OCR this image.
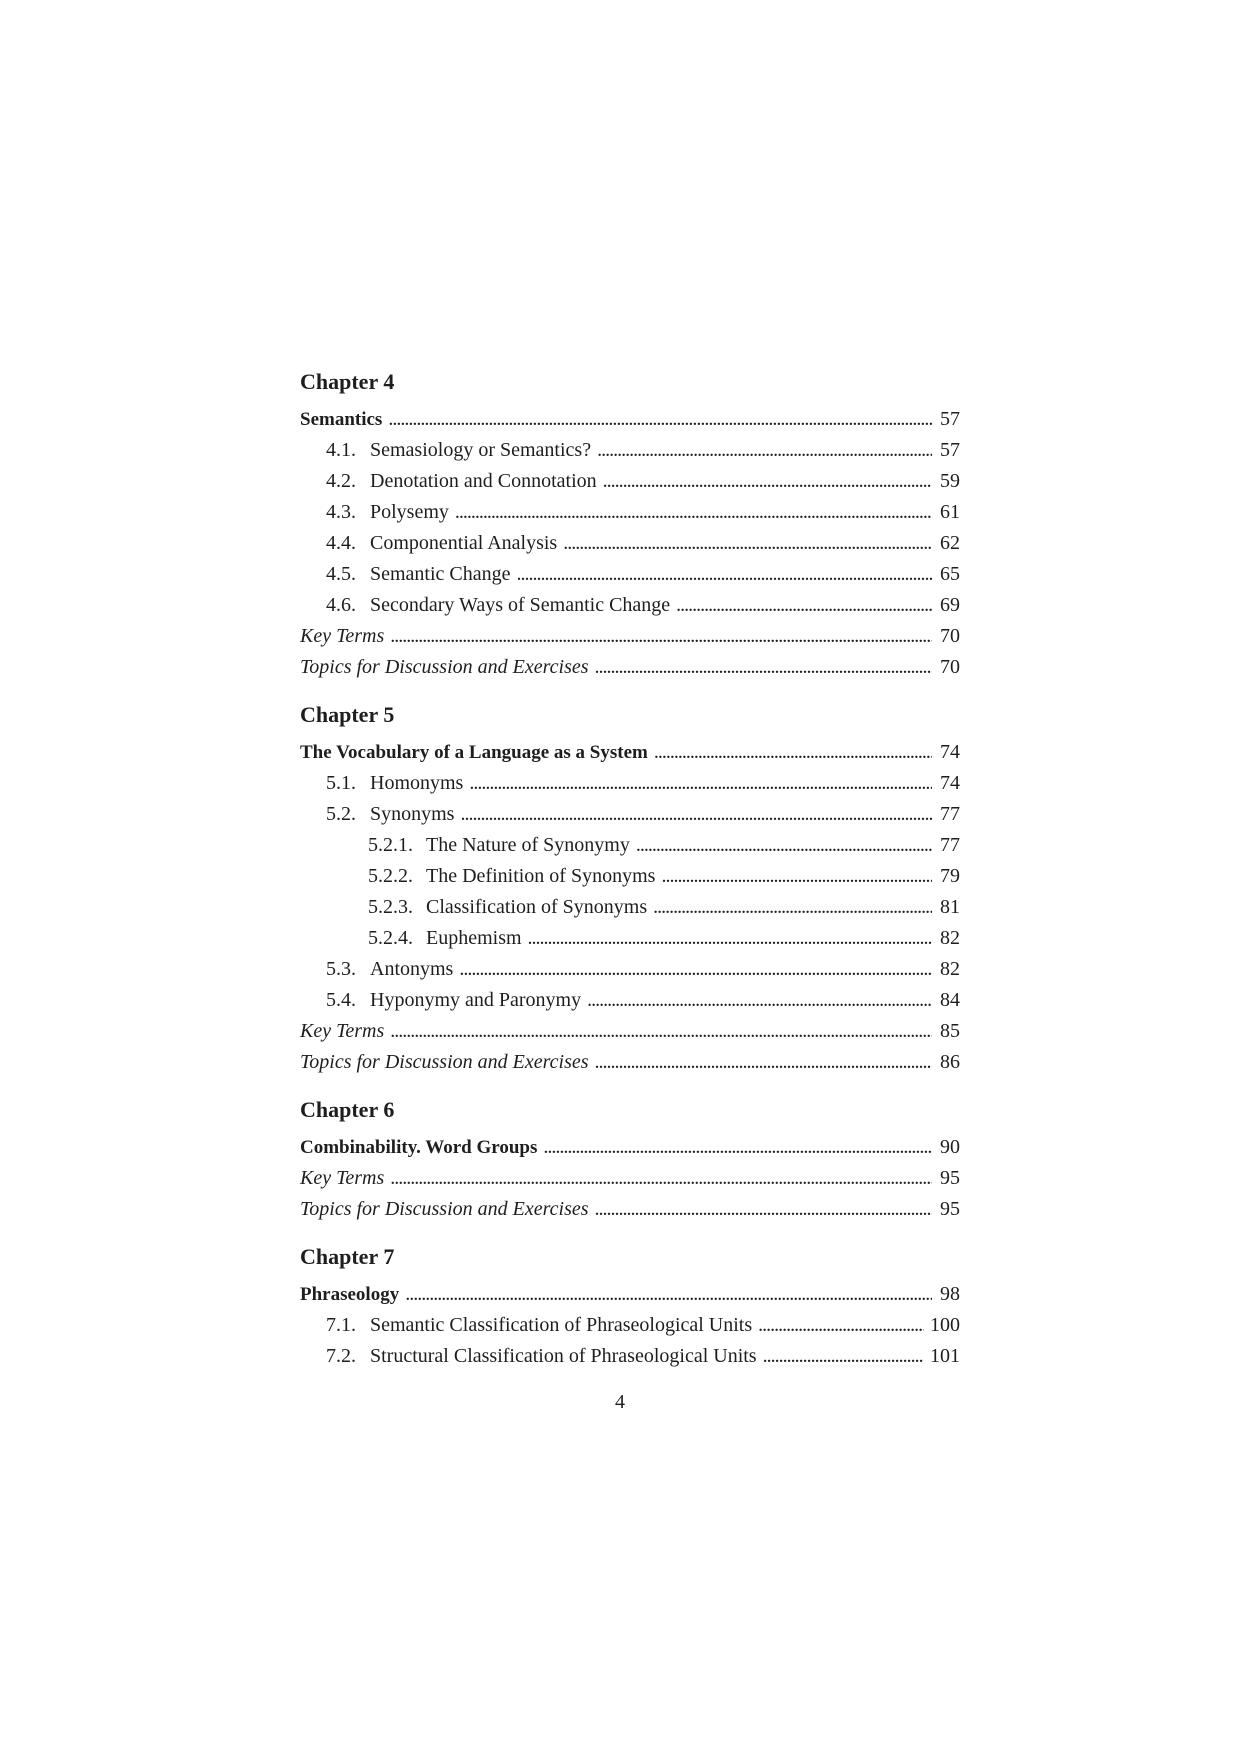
Chapter 4
Semantics . . .	57
4.1. Semasiology or Semantics? . . .	57
4.2. Denotation and Connotation . . .	59
4.3. Polysemy . . .	61
4.4. Componential Analysis . . .	62
4.5. Semantic Change . . .	65
4.6. Secondary Ways of Semantic Change . . .	69
Key Terms . . .	70
Topics for Discussion and Exercises . . .	70
Chapter 5
The Vocabulary of a Language as a System . . .	74
5.1. Homonyms . . .	74
5.2. Synonyms . . .	77
5.2.1. The Nature of Synonymy . . .	77
5.2.2. The Definition of Synonyms . . .	79
5.2.3. Classification of Synonyms . . .	81
5.2.4. Euphemism . . .	82
5.3. Antonyms . . .	82
5.4. Hyponymy and Paronymy . . .	84
Key Terms . . .	85
Topics for Discussion and Exercises . . .	86
Chapter 6
Combinability. Word Groups . . .	90
Key Terms . . .	95
Topics for Discussion and Exercises . . .	95
Chapter 7
Phraseology . . .	98
7.1. Semantic Classification of Phraseological Units . . .	100
7.2. Structural Classification of Phraseological Units . . .	101
4
